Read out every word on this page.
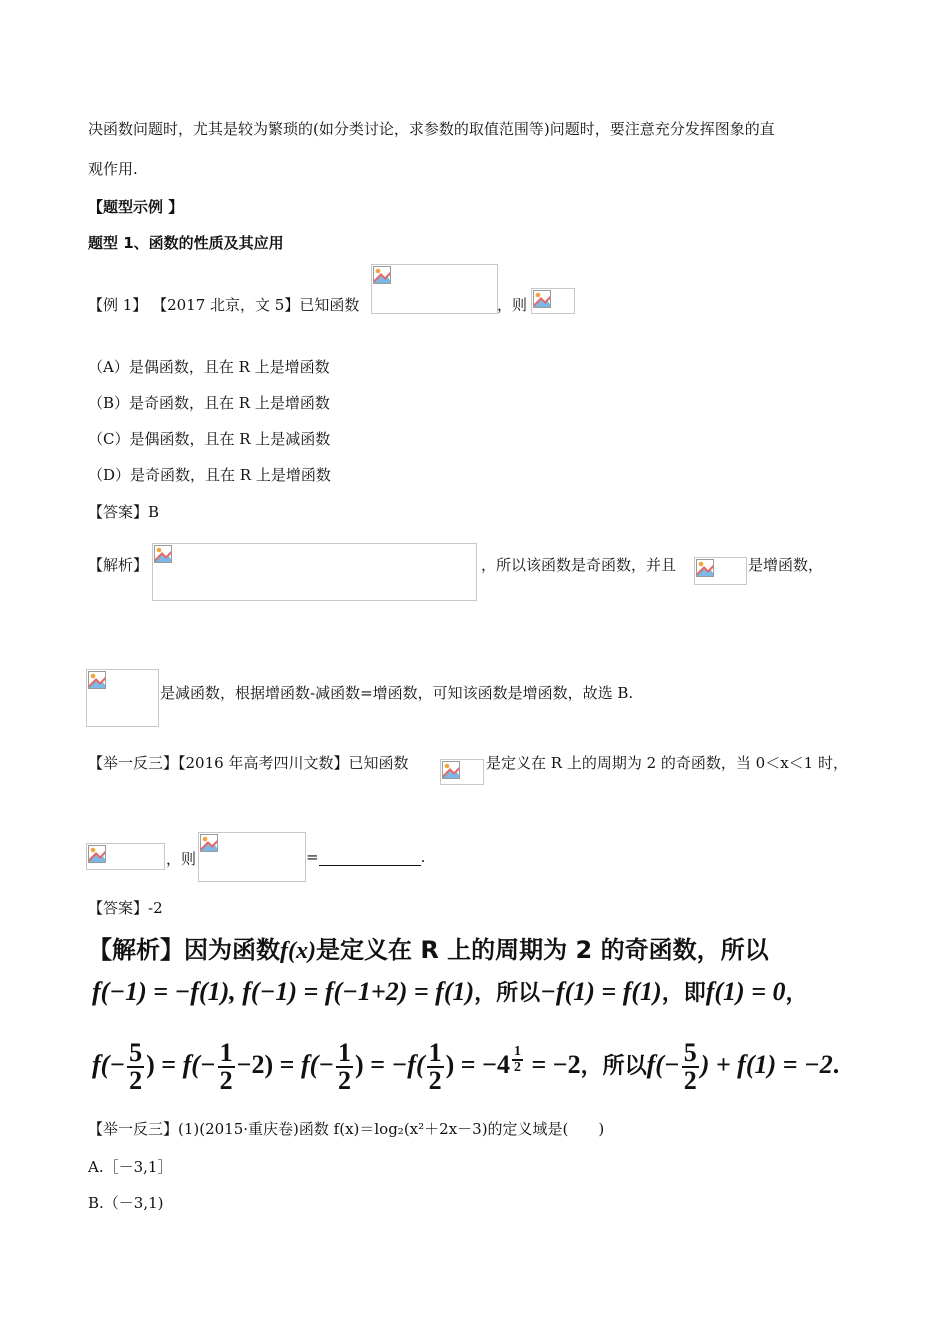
决函数问题时，尤其是较为繁琐的(如分类讨论，求参数的取值范围等)问题时，要注意充分发挥图象的直
观作用.
【题型示例 】
题型 1、函数的性质及其应用
【例 1】 【2017 北京，文 5】已知函数	，则
（A）是偶函数，且在 R 上是增函数
（B）是奇函数，且在 R 上是增函数
（C）是偶函数，且在 R 上是减函数
（D）是奇函数，且在 R 上是增函数
【答案】B
【解析】	，所以该函数是奇函数，并且	是增函数，
是减函数，根据增函数-减函数=增函数，可知该函数是增函数，故选 B.
【举一反三】【2016 年高考四川文数】已知函数	是定义在 R 上的周期为 2 的奇函数，当 0＜x＜1 时，
，则	=	.
【答案】-2
【解析】因为函数f(x)是定义在 R 上的周期为 2 的奇函数，所以
f(−1) = −f(1), f(−1) = f(−1+2) = f(1)，所以−f(1) = f(1)，即f(1) = 0，
$f(- \frac{5}{2}$ ) = $f(- \frac{1}{2} -2) = f(- \frac{1}{2}$ ) = $-f( \frac{1}{2}$ ) = −4 $^{\frac{1}{2}}$ = −2，所以$f(- \frac{5}{2}$ ) + f(1) = −2.
【举一反三】(1)(2015·重庆卷)函数 f(x)＝log₂(x²＋2x－3)的定义域是(　　)
A.［－3,1］
B.（－3,1)
